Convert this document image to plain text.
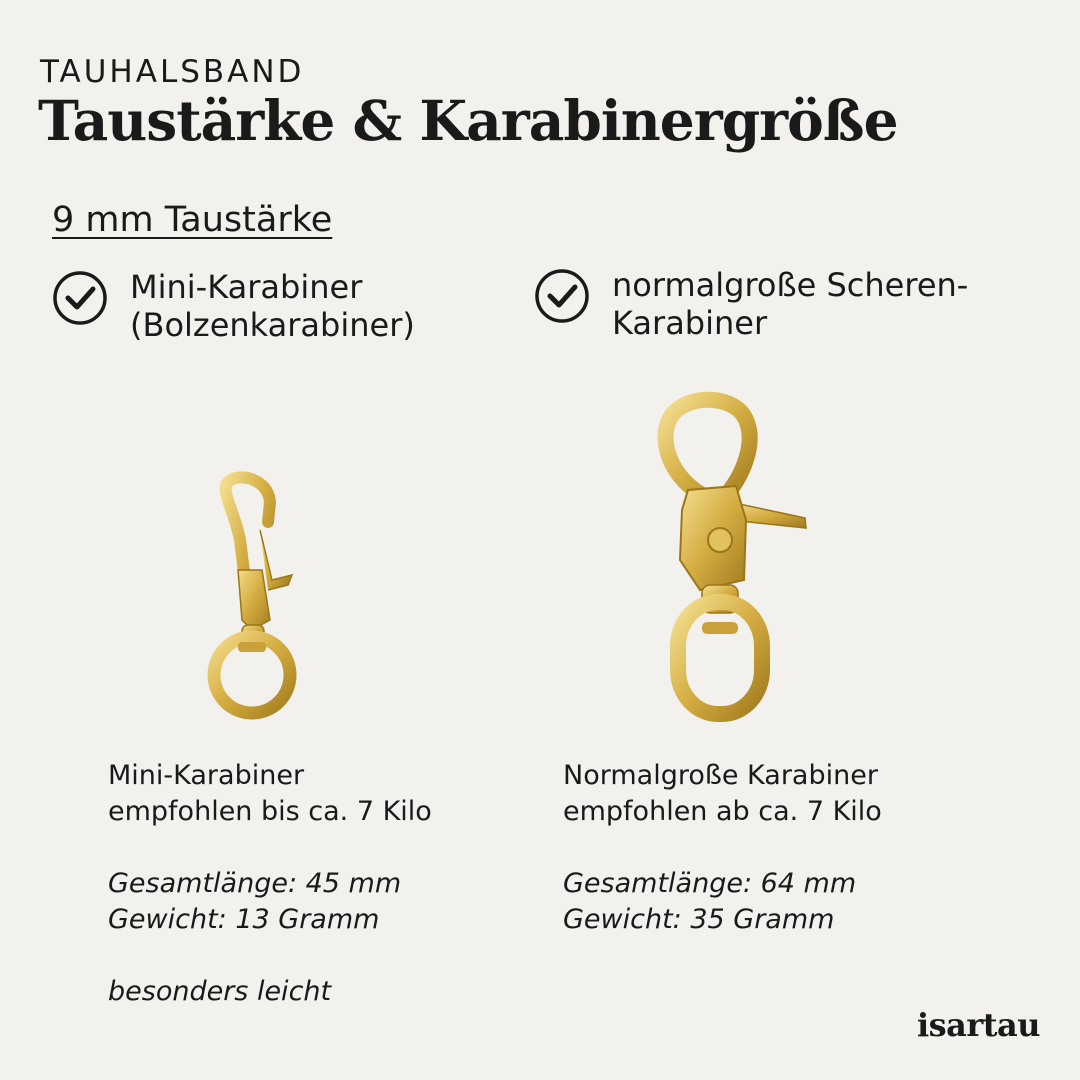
TAUHALSBAND
Taustärke & Karabinergröße
9 mm Taustärke
Mini-Karabiner
(Bolzenkarabiner)
normalgroße Scheren-
Karabiner
Mini-Karabiner
empfohlen bis ca. 7 Kilo
Gesamtlänge: 45 mm
Gewicht: 13 Gramm
besonders leicht
Normalgroße Karabiner
empfohlen ab ca. 7 Kilo
Gesamtlänge: 64 mm
Gewicht: 35 Gramm
isartau
